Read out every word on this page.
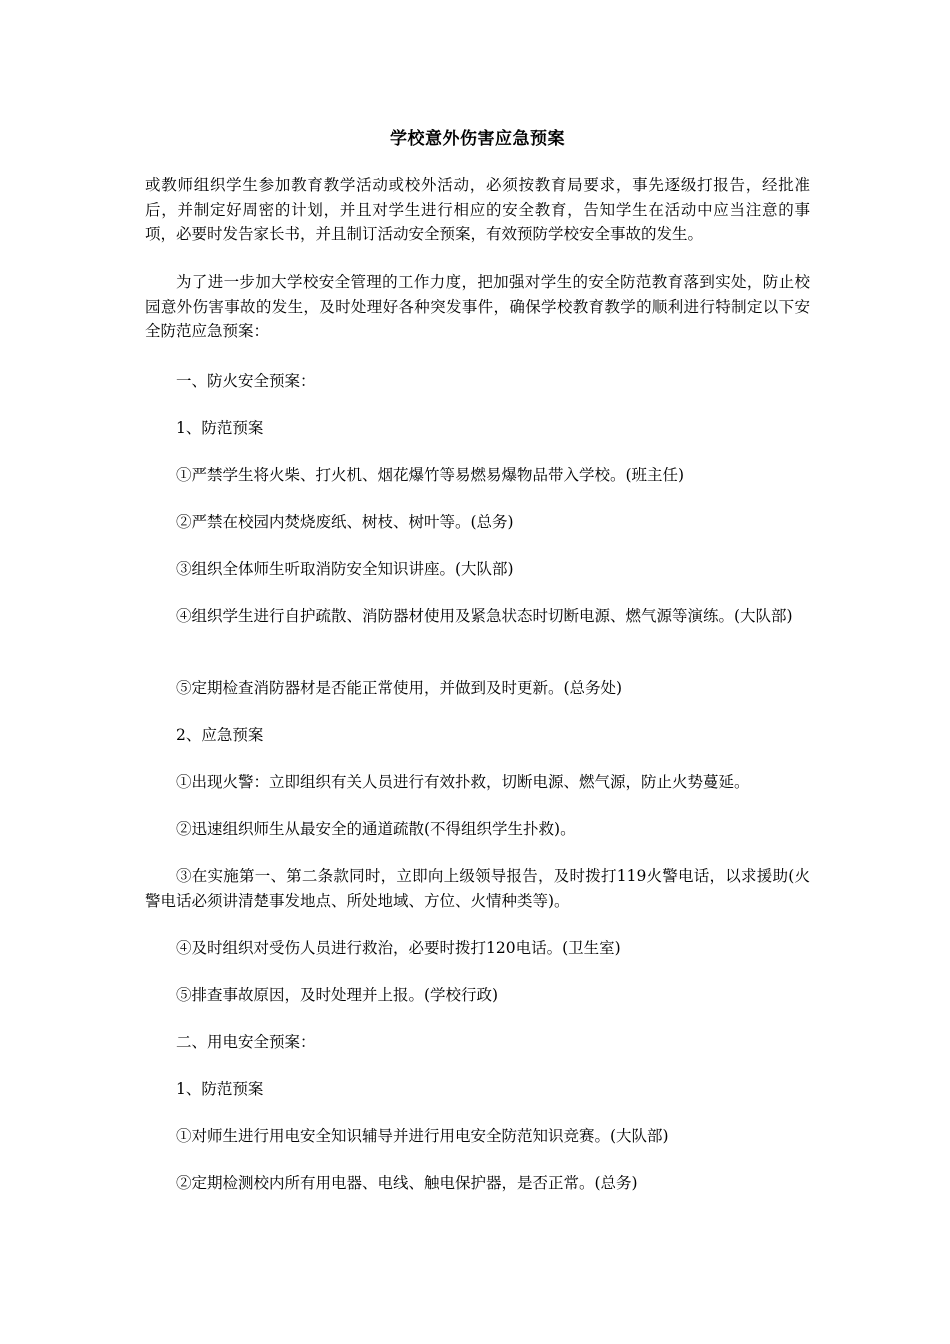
学校意外伤害应急预案

或教师组织学生参加教育教学活动或校外活动，必须按教育局要求，事先逐级打报告，经批准后，并制定好周密的计划，并且对学生进行相应的安全教育，告知学生在活动中应当注意的事项，必要时发告家长书，并且制订活动安全预案，有效预防学校安全事故的发生。

为了进一步加大学校安全管理的工作力度，把加强对学生的安全防范教育落到实处，防止校园意外伤害事故的发生，及时处理好各种突发事件，确保学校教育教学的顺利进行特制定以下安全防范应急预案：

一、防火安全预案：

1、防范预案

①严禁学生将火柴、打火机、烟花爆竹等易燃易爆物品带入学校。(班主任)

②严禁在校园内焚烧废纸、树枝、树叶等。(总务)

③组织全体师生听取消防安全知识讲座。(大队部)

④组织学生进行自护疏散、消防器材使用及紧急状态时切断电源、燃气源等演练。(大队部)

⑤定期检查消防器材是否能正常使用，并做到及时更新。(总务处)

2、应急预案

①出现火警：立即组织有关人员进行有效扑救，切断电源、燃气源，防止火势蔓延。

②迅速组织师生从最安全的通道疏散(不得组织学生扑救)。

③在实施第一、第二条款同时，立即向上级领导报告，及时拨打119火警电话，以求援助(火警电话必须讲清楚事发地点、所处地域、方位、火情种类等)。

④及时组织对受伤人员进行救治，必要时拨打120电话。(卫生室)

⑤排查事故原因，及时处理并上报。(学校行政)

二、用电安全预案：

1、防范预案

①对师生进行用电安全知识辅导并进行用电安全防范知识竞赛。(大队部)

②定期检测校内所有用电器、电线、触电保护器，是否正常。(总务)
